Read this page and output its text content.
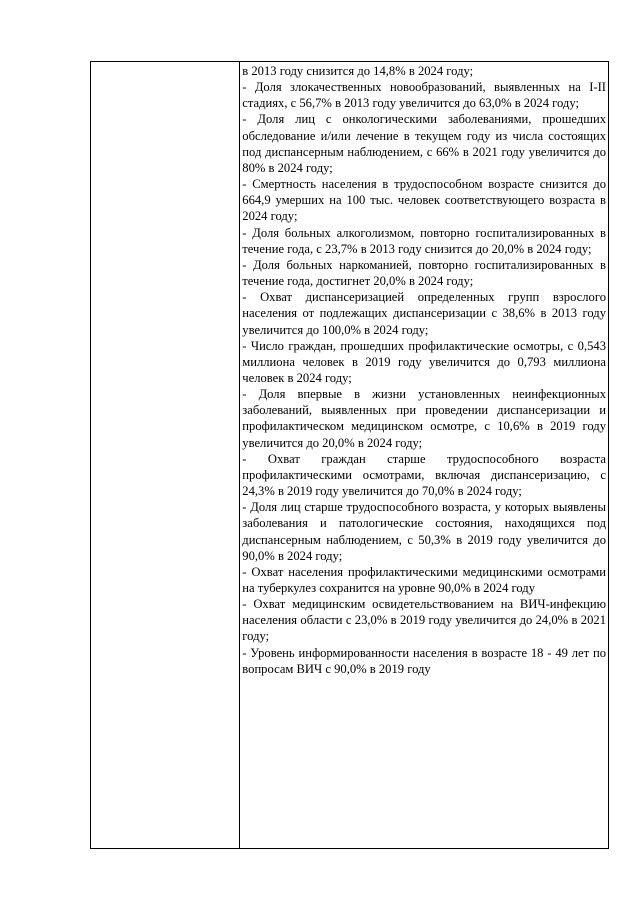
в 2013 году снизится до 14,8% в 2024 году;

- Доля злокачественных новообразований, выявленных на I-II стадиях, с 56,7% в 2013 году увеличится до 63,0% в 2024 году;

- Доля лиц с онкологическими заболеваниями, прошедших обследование и/или лечение в текущем году из числа состоящих под диспансерным наблюдением, с 66% в 2021 году увеличится до 80% в 2024 году;

- Смертность населения в трудоспособном возрасте снизится до 664,9 умерших на 100 тыс. человек соответствующего возраста в 2024 году;

- Доля больных алкоголизмом, повторно госпитализированных в течение года, с 23,7% в 2013 году снизится до 20,0% в 2024 году;

- Доля больных наркоманией, повторно госпитализированных в течение года, достигнет 20,0% в 2024 году;

- Охват диспансеризацией определенных групп взрослого населения от подлежащих диспансеризации с 38,6% в 2013 году увеличится до 100,0% в 2024 году;

- Число граждан, прошедших профилактические осмотры, с 0,543 миллиона человек в 2019 году увеличится до 0,793 миллиона человек в 2024 году;

- Доля впервые в жизни установленных неинфекционных заболеваний, выявленных при проведении диспансеризации и профилактическом медицинском осмотре, с 10,6% в 2019 году увеличится до 20,0% в 2024 году;

- Охват граждан старше трудоспособного возраста профилактическими осмотрами, включая диспансеризацию, с 24,3% в 2019 году увеличится до 70,0% в 2024 году;

- Доля лиц старше трудоспособного возраста, у которых выявлены заболевания и патологические состояния, находящихся под диспансерным наблюдением, с 50,3% в 2019 году увеличится до 90,0% в 2024 году;

- Охват населения профилактическими медицинскими осмотрами на туберкулез сохранится на уровне 90,0% в 2024 году

- Охват медицинским освидетельствованием на ВИЧ-инфекцию населения области с 23,0% в 2019 году увеличится до 24,0% в 2021 году;

- Уровень информированности населения в возрасте 18 - 49 лет по вопросам ВИЧ с 90,0% в 2019 году
